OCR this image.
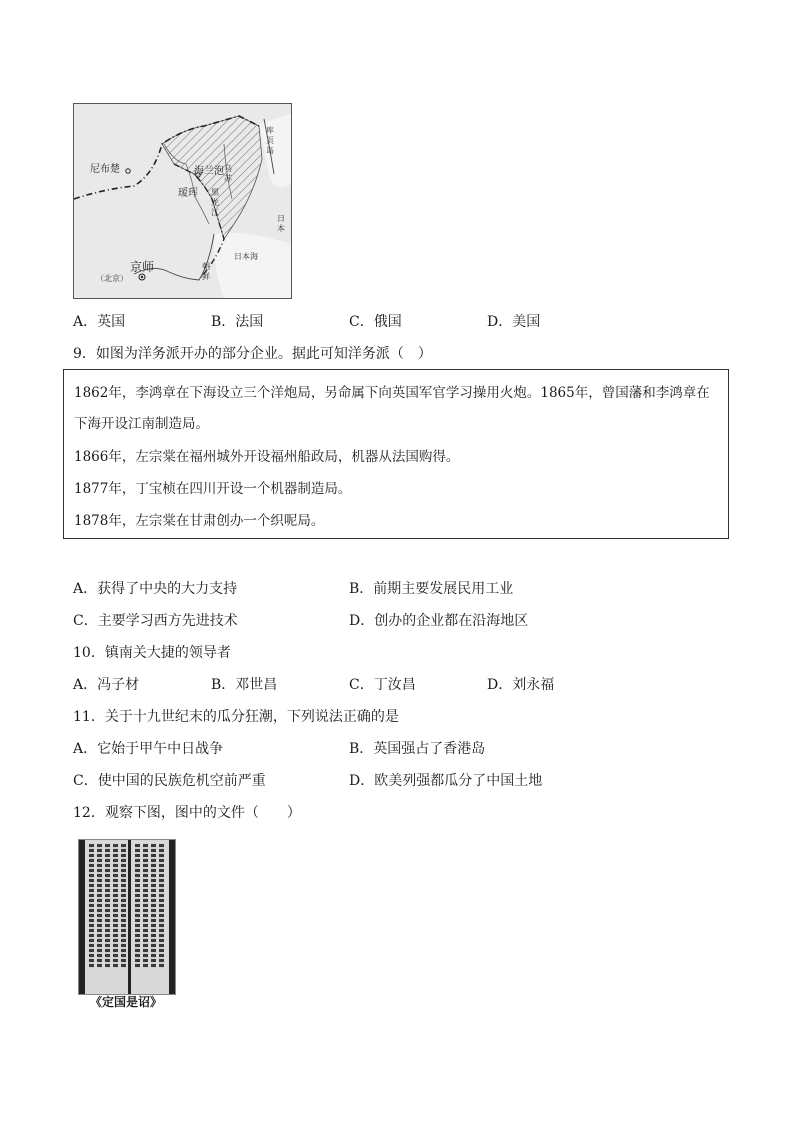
尼布楚	海兰泡
瑷珲
京师
（北京）
乌苏
黑龙江
日本海
朝鲜
日本
库页岛
A．英国	B．法国	C．俄国	D．美国
9．如图为洋务派开办的部分企业。据此可知洋务派（　）
1862年，李鸿章在下海设立三个洋炮局，另命属下向英国军官学习操用火炮。1865年，曾国藩和李鸿章在
下海开设江南制造局。
1866年，左宗棠在福州城外开设福州船政局，机器从法国购得。
1877年，丁宝桢在四川开设一个机器制造局。
1878年，左宗棠在甘肃创办一个织呢局。
A．获得了中央的大力支持	B．前期主要发展民用工业
C．主要学习西方先进技术	D．创办的企业都在沿海地区
10．镇南关大捷的领导者
A．冯子材	B．邓世昌	C．丁汝昌	D．刘永福
11．关于十九世纪末的瓜分狂潮，下列说法正确的是
A．它始于甲午中日战争	B．英国强占了香港岛
C．使中国的民族危机空前严重	D．欧美列强都瓜分了中国土地
12．观察下图，图中的文件（　　）
《定国是诏》
